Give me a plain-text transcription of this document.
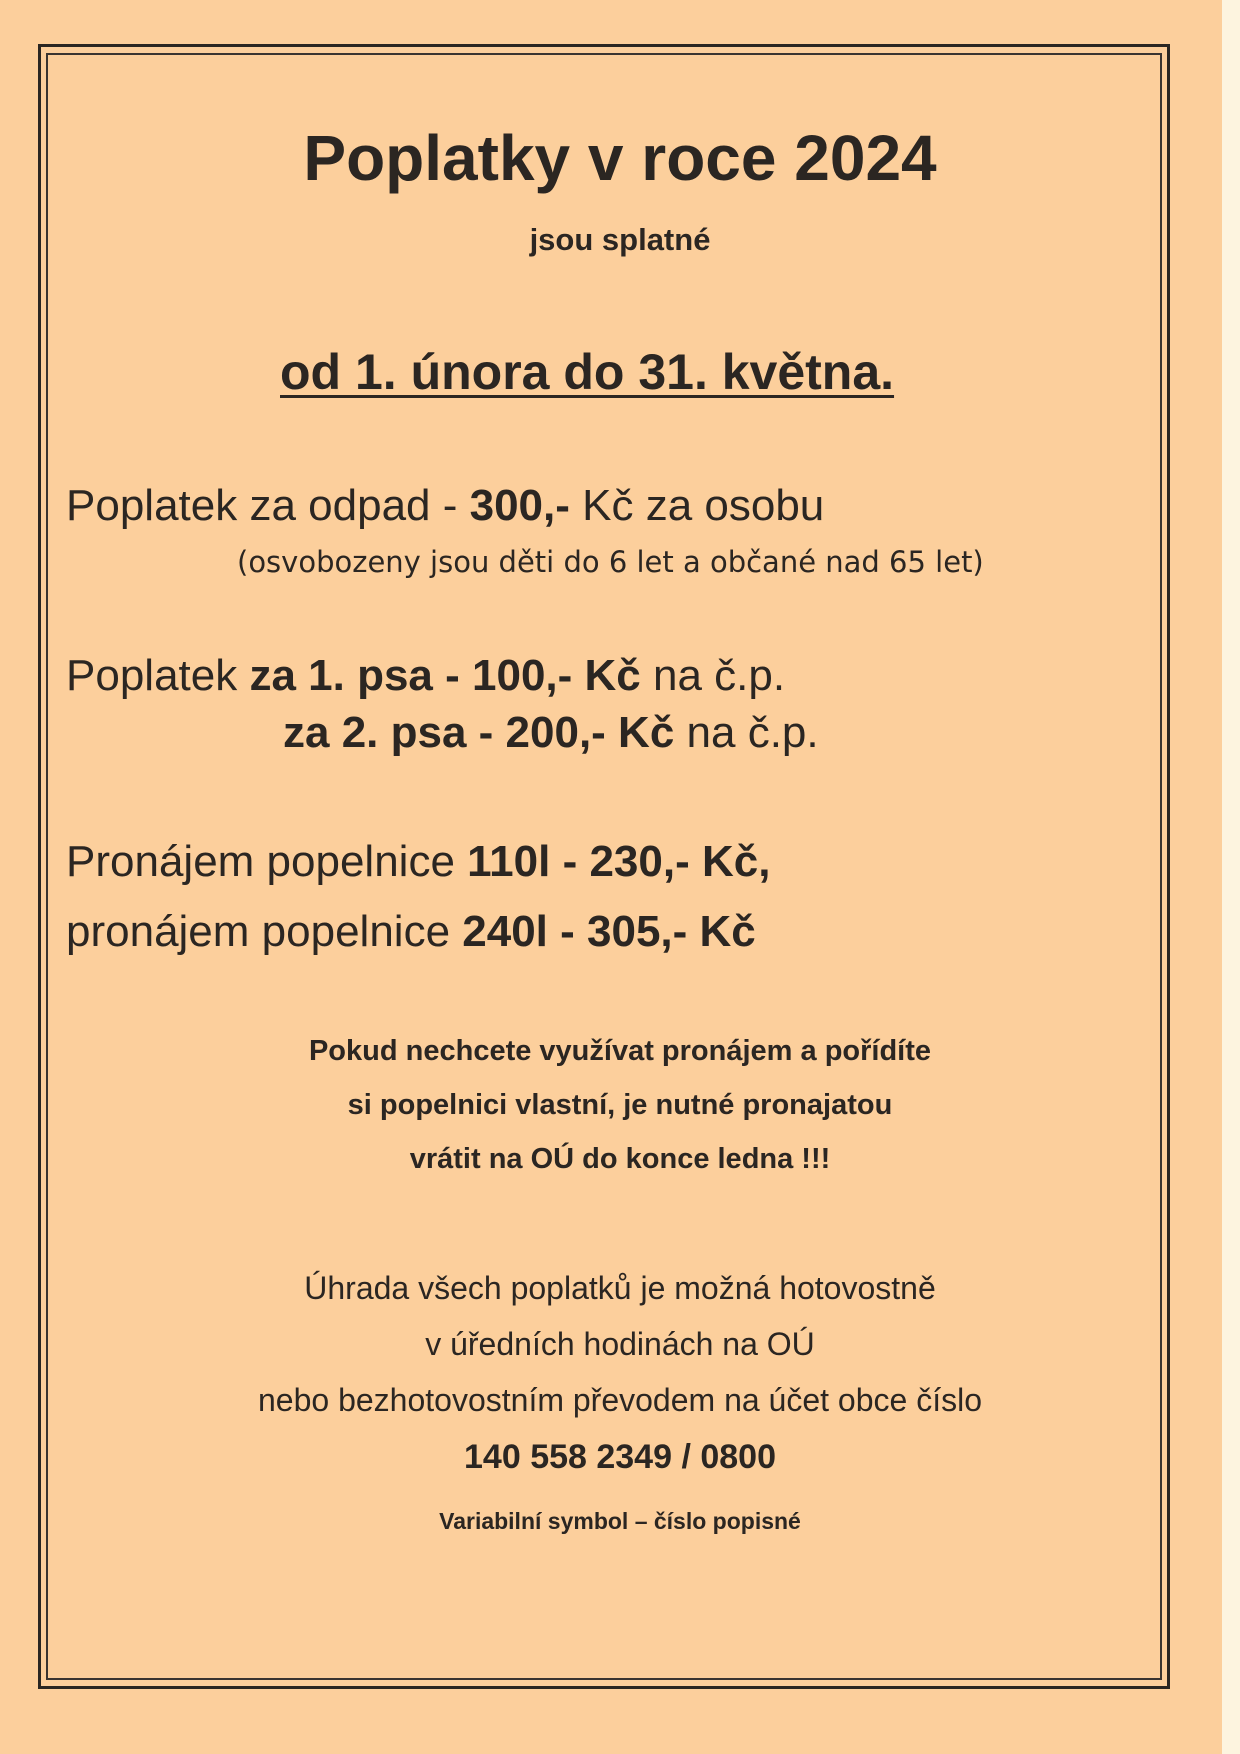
Poplatky v roce 2024
jsou splatné
od 1. února do 31. května.
Poplatek za odpad - 300,- Kč za osobu
(osvobozeny jsou děti do 6 let a občané nad 65 let)
Poplatek za 1. psa - 100,- Kč na č.p.
za 2. psa - 200,- Kč na č.p.
Pronájem popelnice 110l - 230,- Kč,
pronájem popelnice 240l - 305,- Kč
Pokud nechcete využívat pronájem a pořídíte
si popelnici vlastní, je nutné pronajatou
vrátit na OÚ do konce ledna !!!
Úhrada všech poplatků je možná hotovostně
v úředních hodinách na OÚ
nebo bezhotovostním převodem na účet obce číslo
140 558 2349 / 0800
Variabilní symbol – číslo popisné
